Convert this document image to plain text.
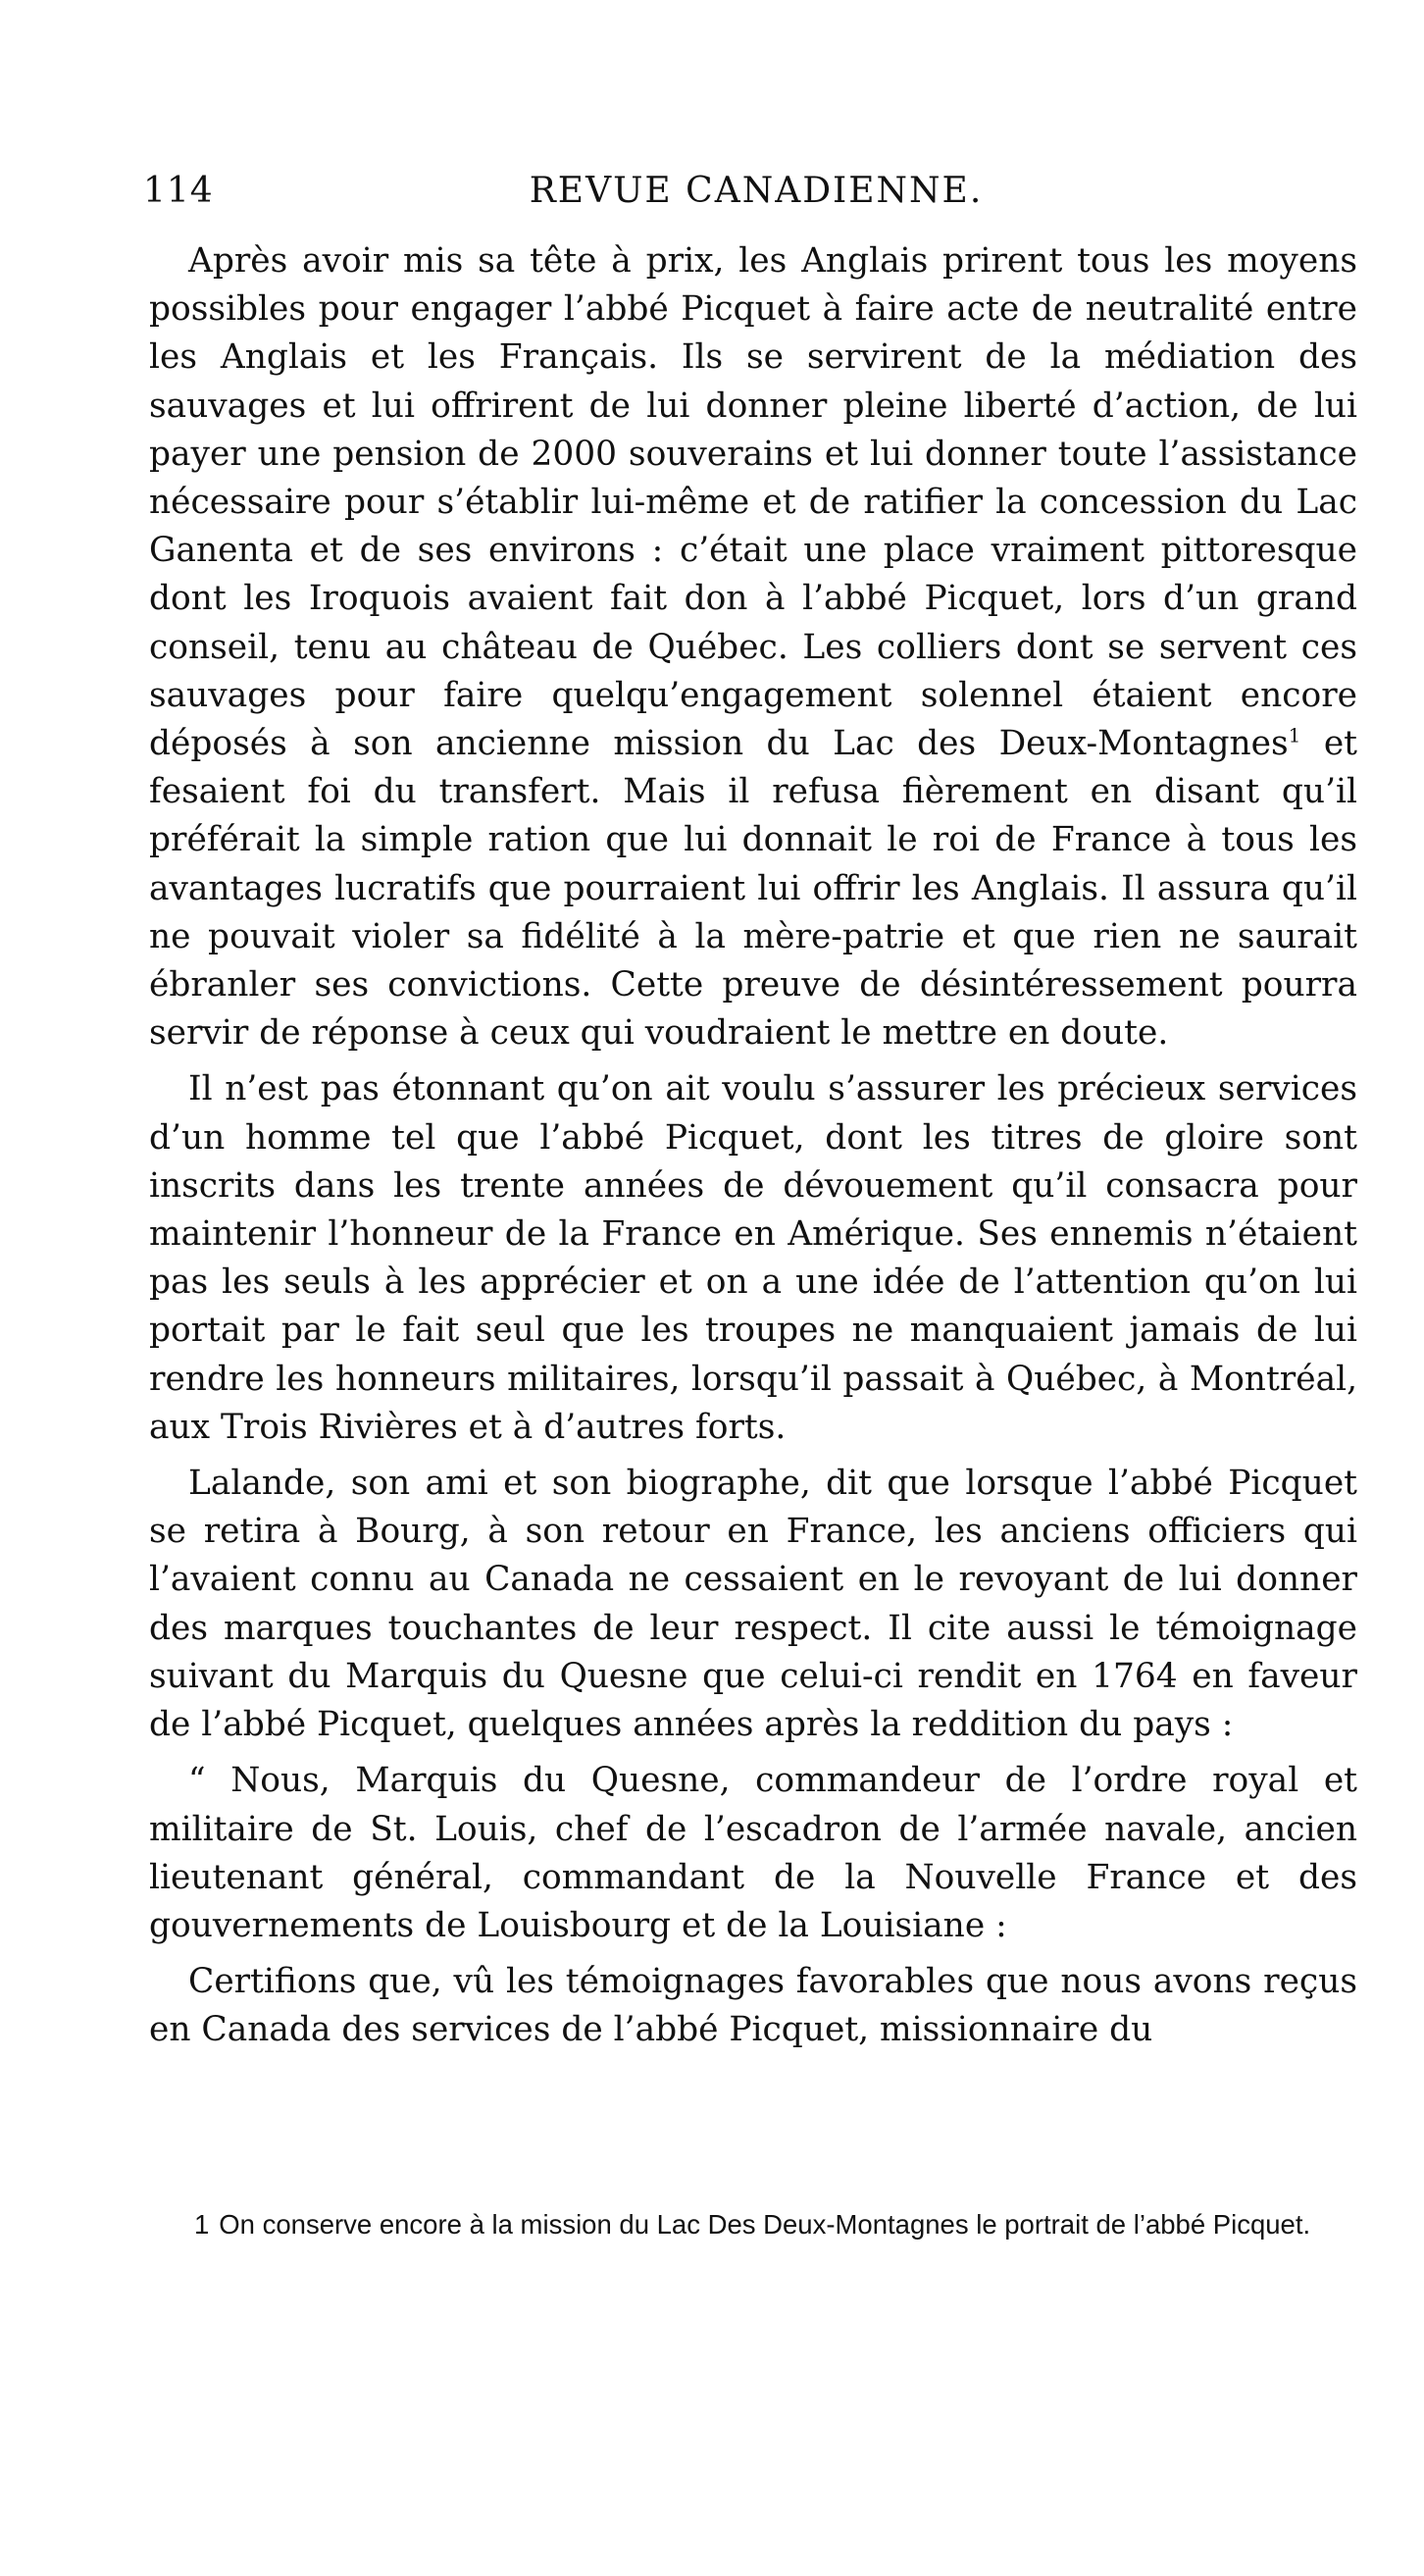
114	REVUE CANADIENNE.

Après avoir mis sa tête à prix, les Anglais prirent tous les moyens possibles pour engager l’abbé Picquet à faire acte de neutralité entre les Anglais et les Français. Ils se servirent de la médiation des sauvages et lui offrirent de lui donner pleine liberté d’action, de lui payer une pension de 2000 souverains et lui donner toute l’assistance nécessaire pour s’établir lui-même et de ratifier la concession du Lac Ganenta et de ses environs : c’était une place vraiment pittoresque dont les Iroquois avaient fait don à l’abbé Picquet, lors d’un grand conseil, tenu au château de Québec. Les colliers dont se servent ces sauvages pour faire quelqu’engagement solennel étaient encore déposés à son ancienne mission du Lac des Deux-Montagnes$^1$ et fesaient foi du transfert. Mais il refusa fièrement en disant qu’il préférait la simple ration que lui donnait le roi de France à tous les avantages lucratifs que pourraient lui offrir les Anglais. Il assura qu’il ne pouvait violer sa fidélité à la mère-patrie et que rien ne saurait ébranler ses convictions. Cette preuve de désintéressement pourra servir de réponse à ceux qui voudraient le mettre en doute.

Il n’est pas étonnant qu’on ait voulu s’assurer les précieux services d’un homme tel que l’abbé Picquet, dont les titres de gloire sont inscrits dans les trente années de dévouement qu’il consacra pour maintenir l’honneur de la France en Amérique. Ses ennemis n’étaient pas les seuls à les apprécier et on a une idée de l’attention qu’on lui portait par le fait seul que les troupes ne manquaient jamais de lui rendre les honneurs militaires, lorsqu’il passait à Québec, à Montréal, aux Trois Rivières et à d’autres forts.

Lalande, son ami et son biographe, dit que lorsque l’abbé Picquet se retira à Bourg, à son retour en France, les anciens officiers qui l’avaient connu au Canada ne cessaient en le revoyant de lui donner des marques touchantes de leur respect. Il cite aussi le témoignage suivant du Marquis du Quesne que celui-ci rendit en 1764 en faveur de l’abbé Picquet, quelques années après la reddition du pays :

“ Nous, Marquis du Quesne, commandeur de l’ordre royal et militaire de St. Louis, chef de l’escadron de l’armée navale, ancien lieutenant général, commandant de la Nouvelle France et des gouvernements de Louisbourg et de la Louisiane :

Certifions que, vû les témoignages favorables que nous avons reçus en Canada des services de l’abbé Picquet, missionnaire du

1 On conserve encore à la mission du Lac Des Deux-Montagnes le portrait de l’abbé Picquet.
